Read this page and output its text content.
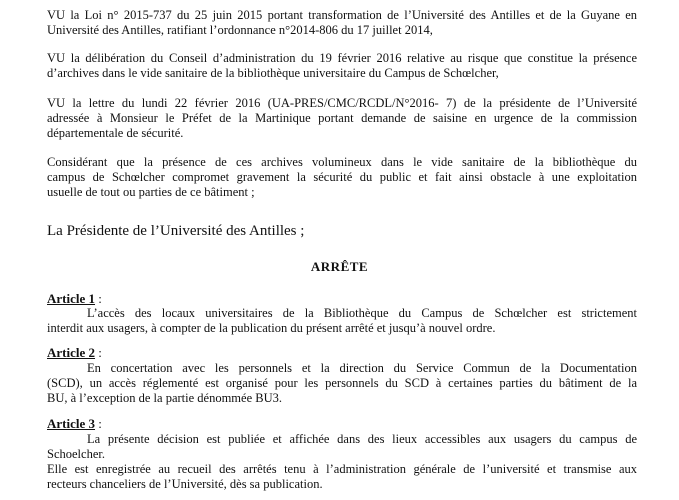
VU la Loi n° 2015-737 du 25 juin 2015 portant transformation de l’Université des Antilles et de la Guyane en
Université des Antilles, ratifiant l’ordonnance n°2014-806 du 17 juillet 2014,
VU la délibération du Conseil d’administration du 19 février 2016 relative au risque que constitue la présence
d’archives dans le vide sanitaire de la bibliothèque universitaire du Campus de Schœlcher,
VU la lettre du lundi 22 février 2016 (UA-PRES/CMC/RCDL/N°2016- 7) de la présidente de l’Université
adressée à Monsieur le Préfet de la Martinique portant demande de saisine en urgence de la commission
départementale de sécurité.
Considérant que la présence de ces archives volumineux dans le vide sanitaire de la bibliothèque du
campus de Schœlcher compromet gravement la sécurité du public et fait ainsi obstacle à une exploitation
usuelle de tout ou parties de ce bâtiment ;
La Présidente de l’Université des Antilles ;
ARRÊTE
Article 1 :
L’accès des locaux universitaires de la Bibliothèque du Campus de Schœlcher est strictement
interdit aux usagers, à compter de la publication du présent arrêté et jusqu’à nouvel ordre.
Article 2 :
En concertation avec les personnels et la direction du Service Commun de la Documentation
(SCD), un accès réglementé est organisé pour les personnels du SCD à certaines parties du bâtiment de la
BU, à l’exception de la partie dénommée BU3.
Article 3 :
La présente décision est publiée et affichée dans des lieux accessibles aux usagers du campus de
Schoelcher.
Elle est enregistrée au recueil des arrêtés tenu à l’administration générale de l’université et transmise aux
recteurs chanceliers de l’Université, dès sa publication.
